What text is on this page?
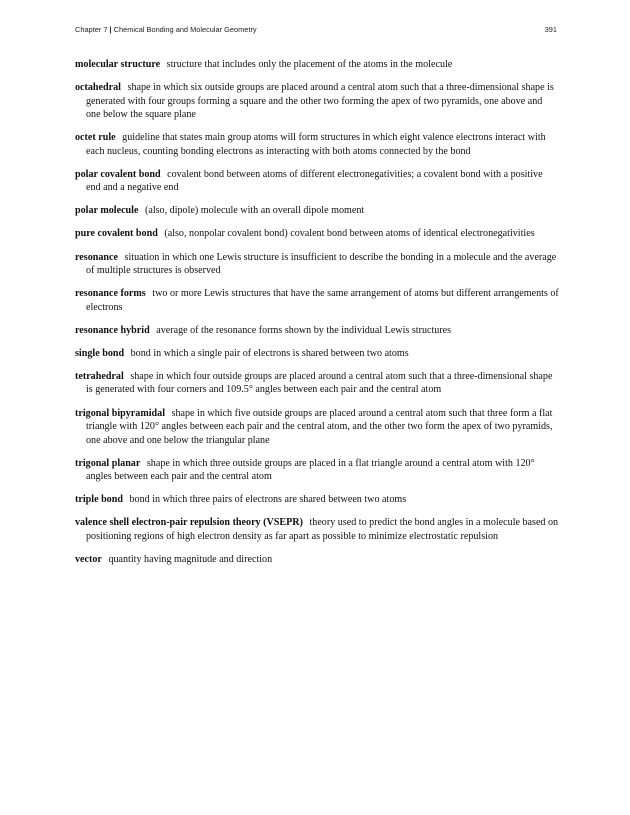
Chapter 7 | Chemical Bonding and Molecular Geometry	391

molecular structure structure that includes only the placement of the atoms in the molecule

octahedral shape in which six outside groups are placed around a central atom such that a three-dimensional shape is generated with four groups forming a square and the other two forming the apex of two pyramids, one above and one below the square plane

octet rule guideline that states main group atoms will form structures in which eight valence electrons interact with each nucleus, counting bonding electrons as interacting with both atoms connected by the bond

polar covalent bond covalent bond between atoms of different electronegativities; a covalent bond with a positive end and a negative end

polar molecule (also, dipole) molecule with an overall dipole moment

pure covalent bond (also, nonpolar covalent bond) covalent bond between atoms of identical electronegativities

resonance situation in which one Lewis structure is insufficient to describe the bonding in a molecule and the average of multiple structures is observed

resonance forms two or more Lewis structures that have the same arrangement of atoms but different arrangements of electrons

resonance hybrid average of the resonance forms shown by the individual Lewis structures

single bond bond in which a single pair of electrons is shared between two atoms

tetrahedral shape in which four outside groups are placed around a central atom such that a three-dimensional shape is generated with four corners and 109.5° angles between each pair and the central atom

trigonal bipyramidal shape in which five outside groups are placed around a central atom such that three form a flat triangle with 120° angles between each pair and the central atom, and the other two form the apex of two pyramids, one above and one below the triangular plane

trigonal planar shape in which three outside groups are placed in a flat triangle around a central atom with 120° angles between each pair and the central atom

triple bond bond in which three pairs of electrons are shared between two atoms

valence shell electron-pair repulsion theory (VSEPR) theory used to predict the bond angles in a molecule based on positioning regions of high electron density as far apart as possible to minimize electrostatic repulsion

vector quantity having magnitude and direction
